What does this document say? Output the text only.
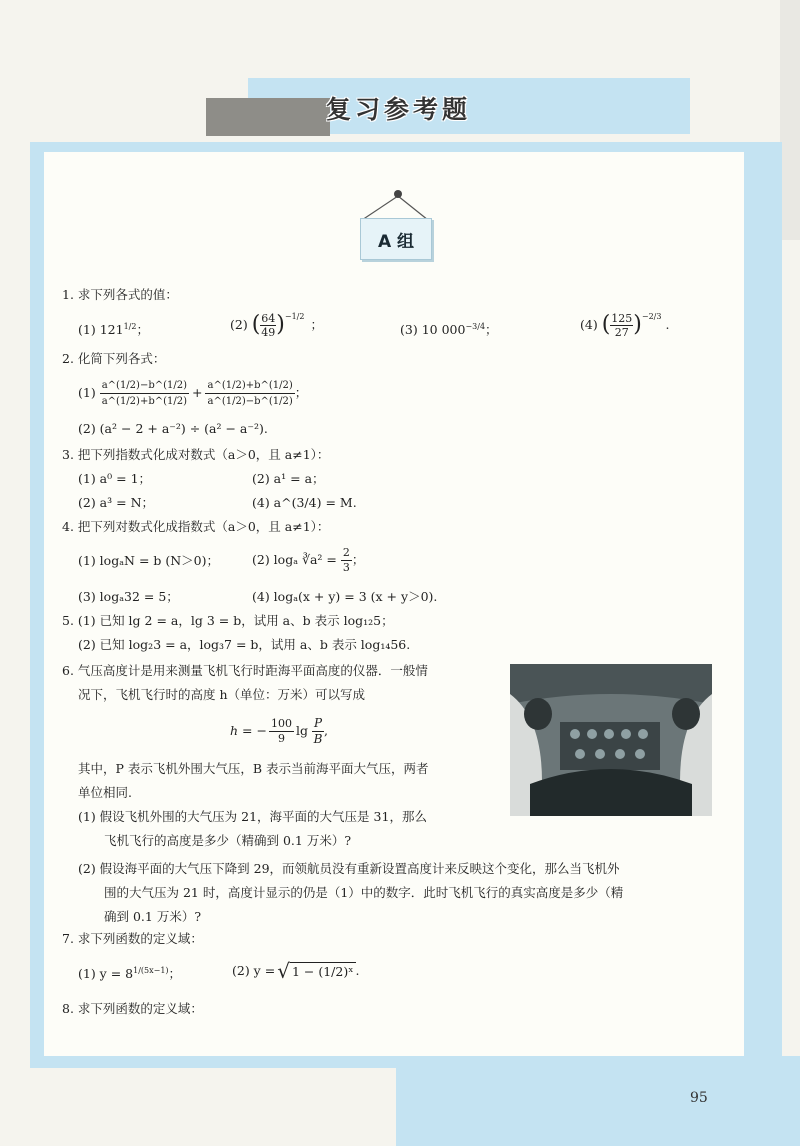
复习参考题
95
A 组
1. 求下列各式的值：
(1) $121^{1/2}$；	(2)
( 64
49 )$^{-1/2}$
；	(3) 10 $000^{-3/4}$；	(4)
( 125
27 )$^{-2/3}$
.
2. 化简下列各式：
(1)
a^(1/2)−b^(1/2)
a^(1/2)+b^(1/2)
+ $\frac{a\^{}(1/2)+b\^{}(1/2)}{a\^{}(1/2)-b\^{}(1/2)}$ ；
(2) (a² − 2 + a⁻²) ÷ (a² − a⁻²).
3. 把下列指数式化成对数式（a＞0，且 a≠1）：
(1) a⁰ = 1；	(2) a¹ = a；
(2) a³ = N；	(4) a^(3/4) = M.
4. 把下列对数式化成指数式（a＞0，且 a≠1）：
(1) logₐN = b (N＞0)；	(2) logₐ ∛a² =
$\frac{2}{3}$ ；
(3) logₐ32 = 5；	(4) logₐ(x + y) = 3 (x + y＞0).
5. (1) 已知 lg 2 = a，lg 3 = b，试用 a、b 表示 log₁₂5；
(2) 已知 log₂3 = a，log₃7 = b，试用 a、b 表示 log₁₄56.
6. 气压高度计是用来测量飞机飞行时距海平面高度的仪器．一般情
况下，飞机飞行时的高度 h（单位：万米）可以写成
h = − $\frac{100}{9}$ lg

P
B
,
其中，P 表示飞机外围大气压，B 表示当前海平面大气压，两者
单位相同.
(1) 假设飞机外围的大气压为 21，海平面的大气压是 31，那么
飞机飞行的高度是多少（精确到 0.1 万米）?
(2) 假设海平面的大气压下降到 29，而领航员没有重新设置高度计来反映这个变化，那么当飞机外
围的大气压为 21 时，高度计显示的仍是（1）中的数字．此时飞机飞行的真实高度是多少（精
确到 0.1 万米）?
7. 求下列函数的定义域：
(1) $y = 8^{1/(5x-1)}$；	(2) y = √ 1 − (1/2)ˣ .
8. 求下列函数的定义域：
